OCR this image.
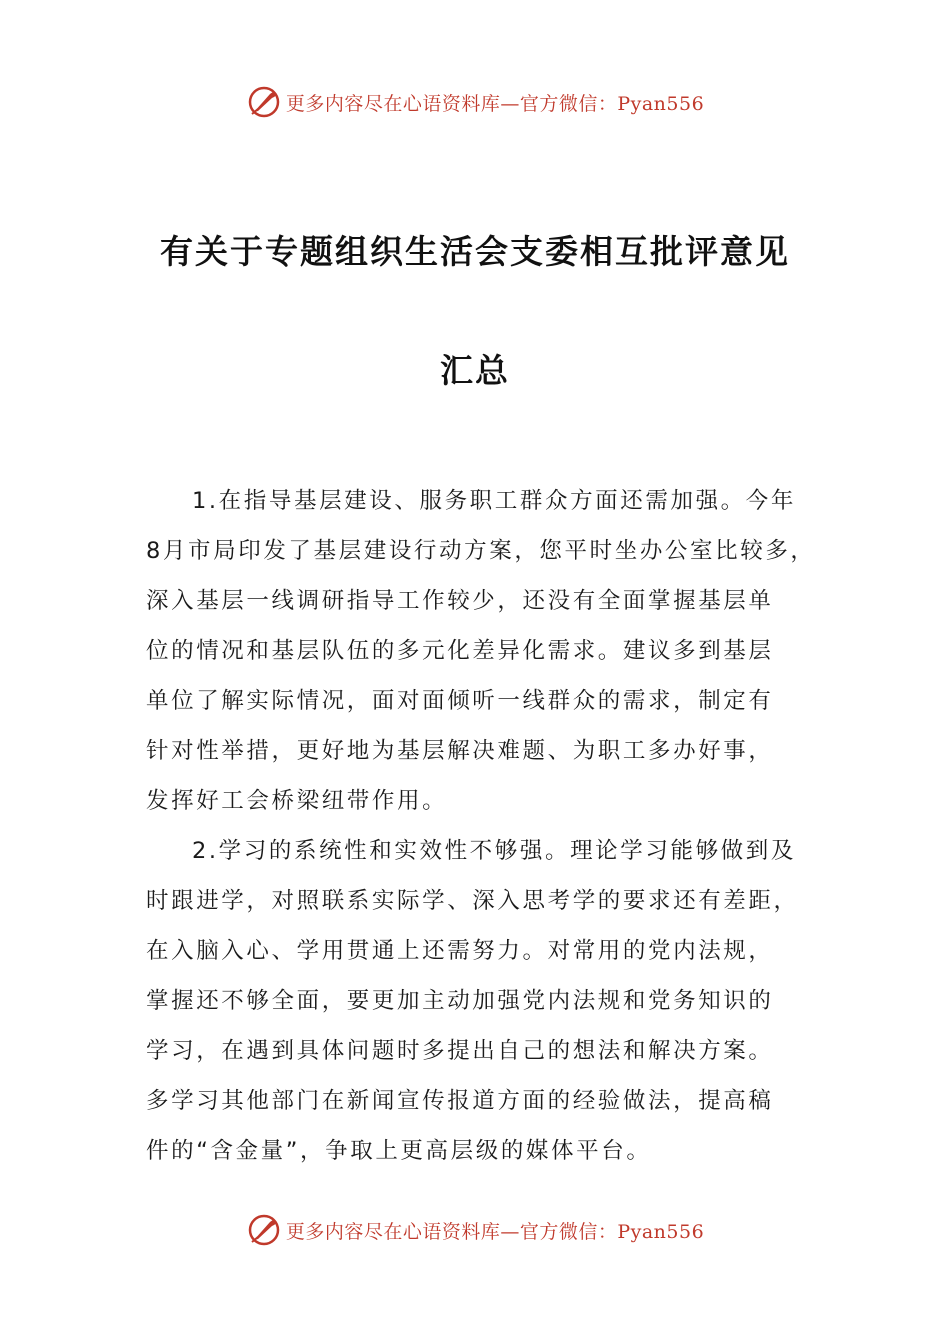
更多内容尽在心语资料库—官方微信：Pyan556
有关于专题组织生活会支委相互批评意见
汇总
1.在指导基层建设、服务职工群众方面还需加强。今年
8月市局印发了基层建设行动方案，您平时坐办公室比较多，
深入基层一线调研指导工作较少，还没有全面掌握基层单
位的情况和基层队伍的多元化差异化需求。建议多到基层
单位了解实际情况，面对面倾听一线群众的需求，制定有
针对性举措，更好地为基层解决难题、为职工多办好事，
发挥好工会桥梁纽带作用。
2.学习的系统性和实效性不够强。理论学习能够做到及
时跟进学，对照联系实际学、深入思考学的要求还有差距，
在入脑入心、学用贯通上还需努力。对常用的党内法规，
掌握还不够全面，要更加主动加强党内法规和党务知识的
学习，在遇到具体问题时多提出自己的想法和解决方案。
多学习其他部门在新闻宣传报道方面的经验做法，提高稿
件的“含金量”，争取上更高层级的媒体平台。
更多内容尽在心语资料库—官方微信：Pyan556
